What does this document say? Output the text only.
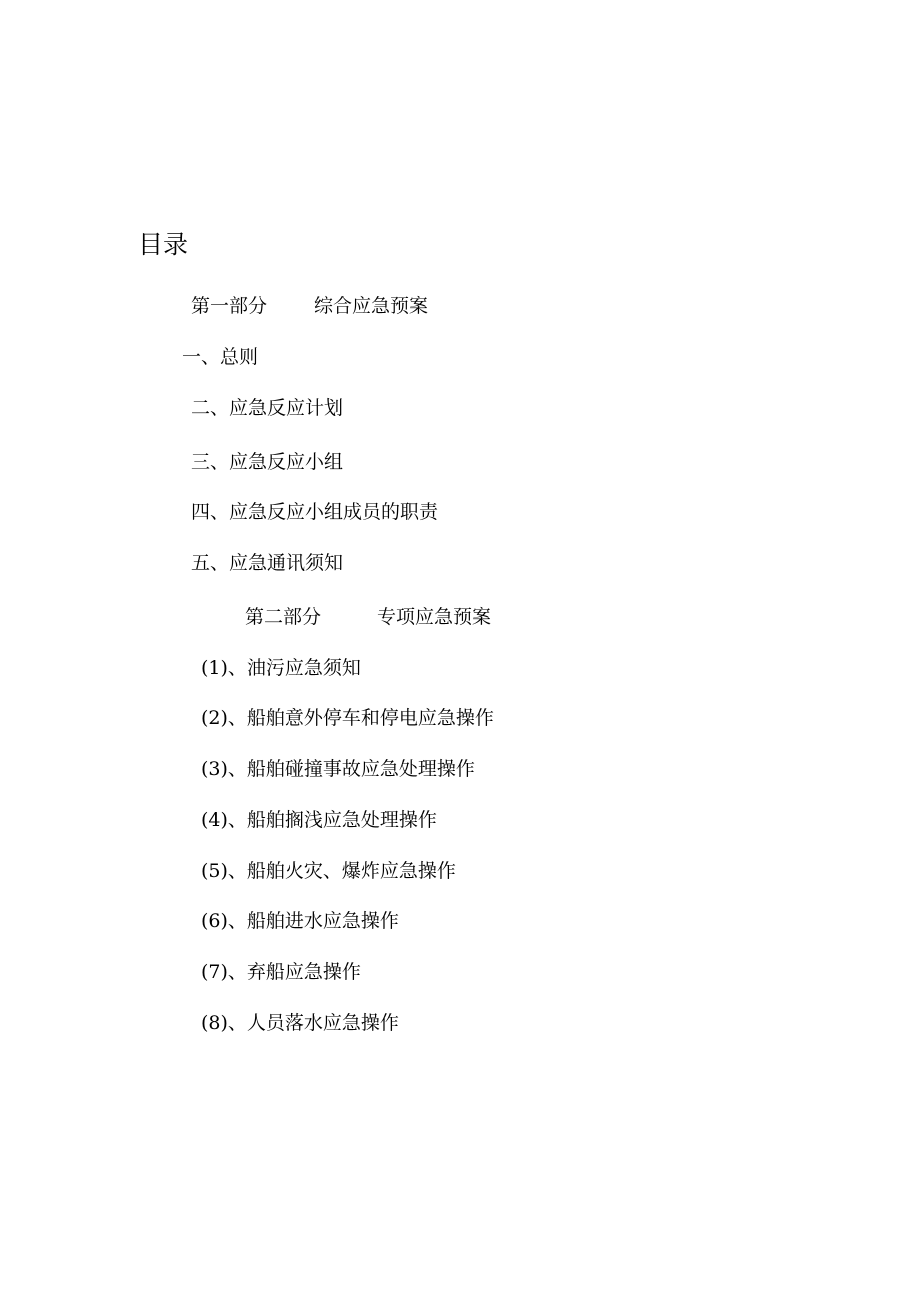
目录
第一部分 综合应急预案
一、总则
二、应急反应计划
三、应急反应小组
四、应急反应小组成员的职责
五、应急通讯须知
第二部分	专项应急预案
(1)、油污应急须知
(2)、船舶意外停车和停电应急操作
(3)、船舶碰撞事故应急处理操作
(4)、船舶搁浅应急处理操作
(5)、船舶火灾、爆炸应急操作
(6)、船舶进水应急操作
(7)、弃船应急操作
(8)、人员落水应急操作
